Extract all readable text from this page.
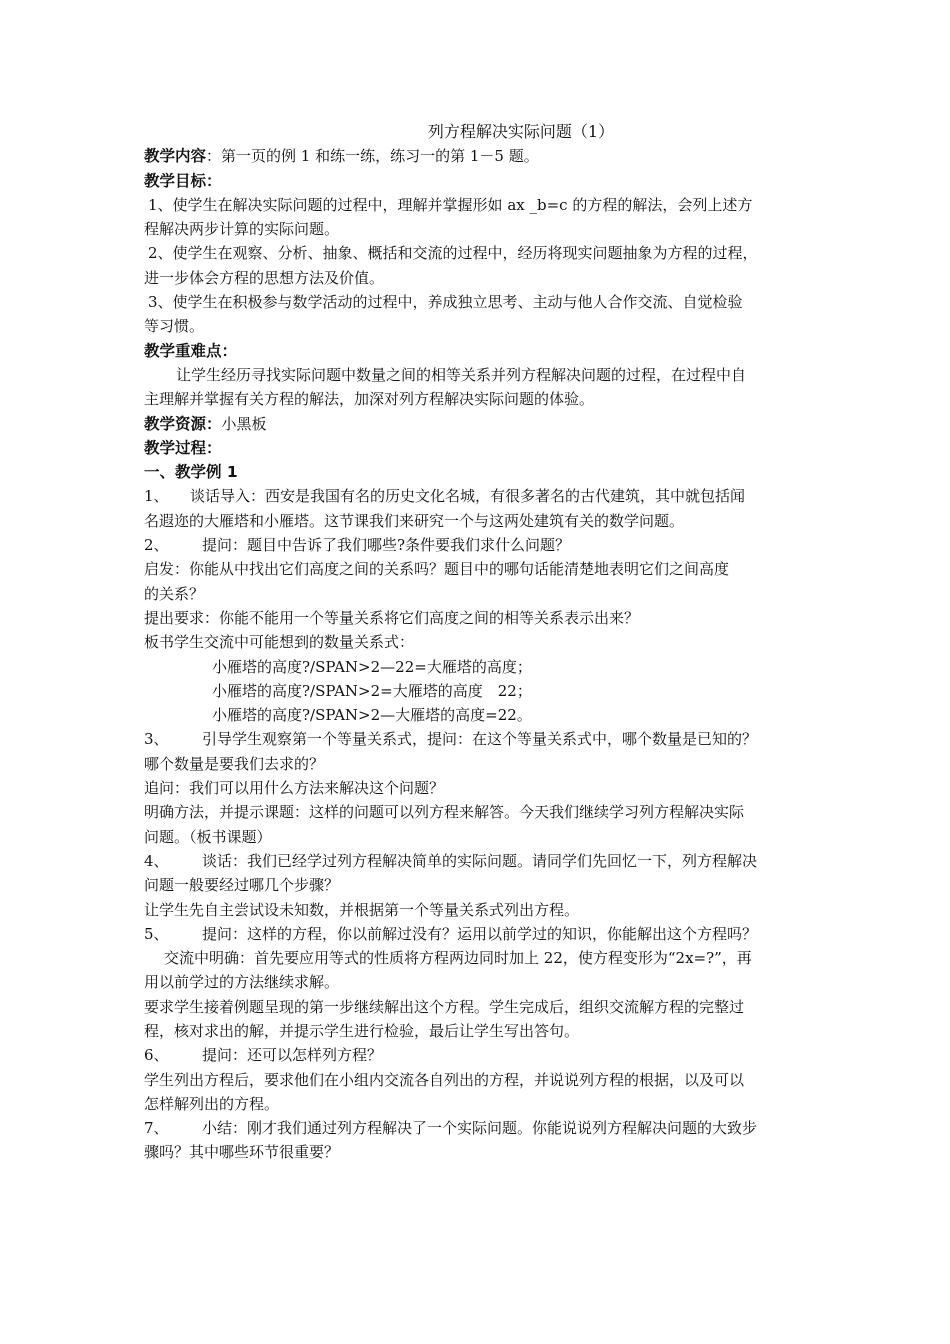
列方程解决实际问题（1）
教学内容：第一页的例 1 和练一练，练习一的第 1－5 题。
教学目标：
1、使学生在解决实际问题的过程中，理解并掌握形如 ax _b=c 的方程的解法，会列上述方
程解决两步计算的实际问题。
2、使学生在观察、分析、抽象、概括和交流的过程中，经历将现实问题抽象为方程的过程，
进一步体会方程的思想方法及价值。
3、使学生在积极参与数学活动的过程中，养成独立思考、主动与他人合作交流、自觉检验
等习惯。
教学重难点：
让学生经历寻找实际问题中数量之间的相等关系并列方程解决问题的过程，在过程中自
主理解并掌握有关方程的解法，加深对列方程解决实际问题的体验。
教学资源：小黑板
教学过程：
一、教学例 1
1、 谈话导入：西安是我国有名的历史文化名城，有很多著名的古代建筑，其中就包括闻
名遐迩的大雁塔和小雁塔。这节课我们来研究一个与这两处建筑有关的数学问题。
2、 提问：题目中告诉了我们哪些?条件要我们求什么问题？
启发：你能从中找出它们高度之间的关系吗？题目中的哪句话能清楚地表明它们之间高度
的关系？
提出要求：你能不能用一个等量关系将它们高度之间的相等关系表示出来？
板书学生交流中可能想到的数量关系式：
小雁塔的高度?/SPAN>2—22=大雁塔的高度；
小雁塔的高度?/SPAN>2=大雁塔的高度　22；
小雁塔的高度?/SPAN>2—大雁塔的高度=22。
3、 引导学生观察第一个等量关系式，提问：在这个等量关系式中，哪个数量是已知的？
哪个数量是要我们去求的？
追问：我们可以用什么方法来解决这个问题？
明确方法，并提示课题：这样的问题可以列方程来解答。今天我们继续学习列方程解决实际
问题。（板书课题）
4、 谈话：我们已经学过列方程解决简单的实际问题。请同学们先回忆一下，列方程解决
问题一般要经过哪几个步骤？
让学生先自主尝试设未知数，并根据第一个等量关系式列出方程。
5、 提问：这样的方程，你以前解过没有？运用以前学过的知识，你能解出这个方程吗？
交流中明确：首先要应用等式的性质将方程两边同时加上 22，使方程变形为“2x=?”，再
用以前学过的方法继续求解。
要求学生接着例题呈现的第一步继续解出这个方程。学生完成后，组织交流解方程的完整过
程，核对求出的解，并提示学生进行检验，最后让学生写出答句。
6、 提问：还可以怎样列方程？
学生列出方程后，要求他们在小组内交流各自列出的方程，并说说列方程的根据，以及可以
怎样解列出的方程。
7、 小结：刚才我们通过列方程解决了一个实际问题。你能说说列方程解决问题的大致步
骤吗？其中哪些环节很重要？
